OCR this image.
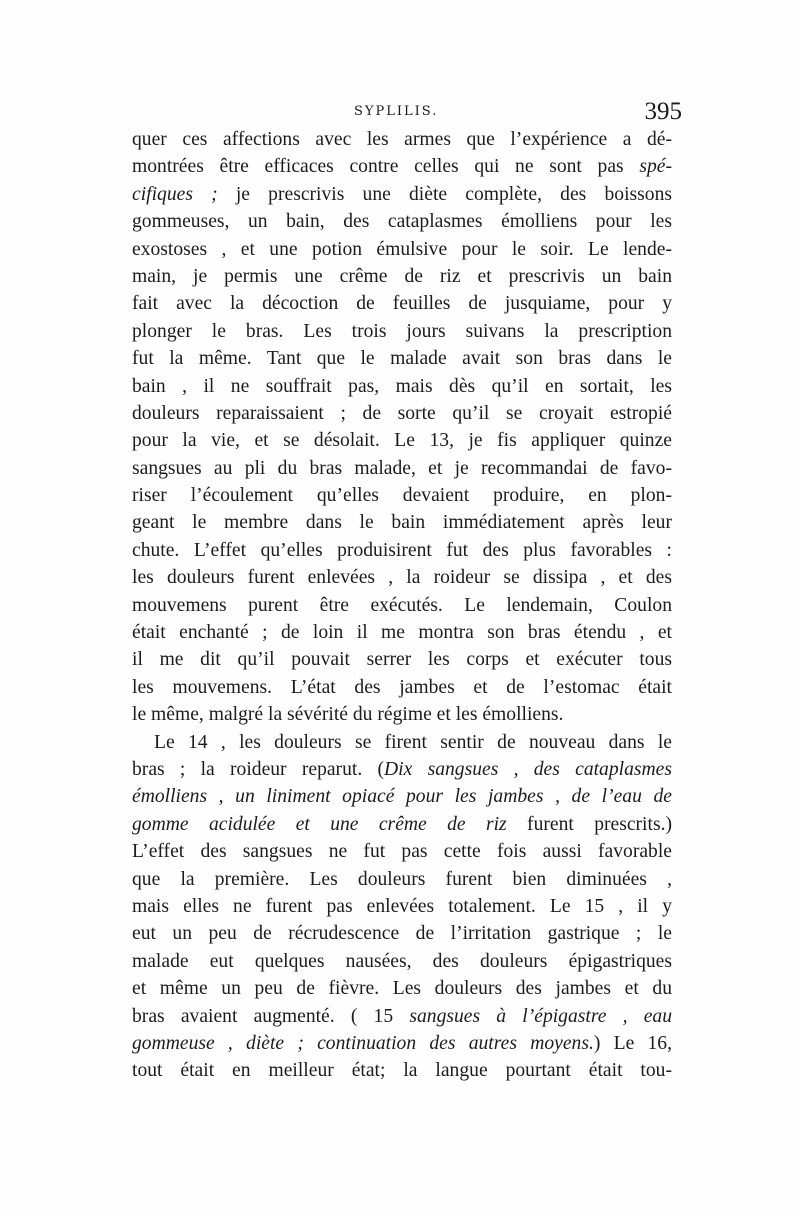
SYPLILIS.	395
quer ces affections avec les armes que l’expérience a dé-
montrées être efficaces contre celles qui ne sont pas spé-
cifiques ; je prescrivis une diète complète, des boissons
gommeuses, un bain, des cataplasmes émolliens pour les
exostoses , et une potion émulsive pour le soir. Le lende-
main, je permis une crême de riz et prescrivis un bain
fait avec la décoction de feuilles de jusquiame, pour y
plonger le bras. Les trois jours suivans la prescription
fut la même. Tant que le malade avait son bras dans le
bain , il ne souffrait pas, mais dès qu’il en sortait, les
douleurs reparaissaient ; de sorte qu’il se croyait estropié
pour la vie, et se désolait. Le 13, je fis appliquer quinze
sangsues au pli du bras malade, et je recommandai de favo-
riser l’écoulement qu’elles devaient produire, en plon-
geant le membre dans le bain immédiatement après leur
chute. L’effet qu’elles produisirent fut des plus favorables :
les douleurs furent enlevées , la roideur se dissipa , et des
mouvemens purent être exécutés. Le lendemain, Coulon
était enchanté ; de loin il me montra son bras étendu , et
il me dit qu’il pouvait serrer les corps et exécuter tous
les mouvemens. L’état des jambes et de l’estomac était
le même, malgré la sévérité du régime et les émolliens.
Le 14 , les douleurs se firent sentir de nouveau dans le
bras ; la roideur reparut. (Dix sangsues , des cataplasmes
émolliens , un liniment opiacé pour les jambes , de l’eau de
gomme acidulée et une crême de riz furent prescrits.)
L’effet des sangsues ne fut pas cette fois aussi favorable
que la première. Les douleurs furent bien diminuées ,
mais elles ne furent pas enlevées totalement. Le 15 , il y
eut un peu de récrudescence de l’irritation gastrique ; le
malade eut quelques nausées, des douleurs épigastriques
et même un peu de fièvre. Les douleurs des jambes et du
bras avaient augmenté. ( 15 sangsues à l’épigastre , eau
gommeuse , diète ; continuation des autres moyens.) Le 16,
tout était en meilleur état; la langue pourtant était tou-
